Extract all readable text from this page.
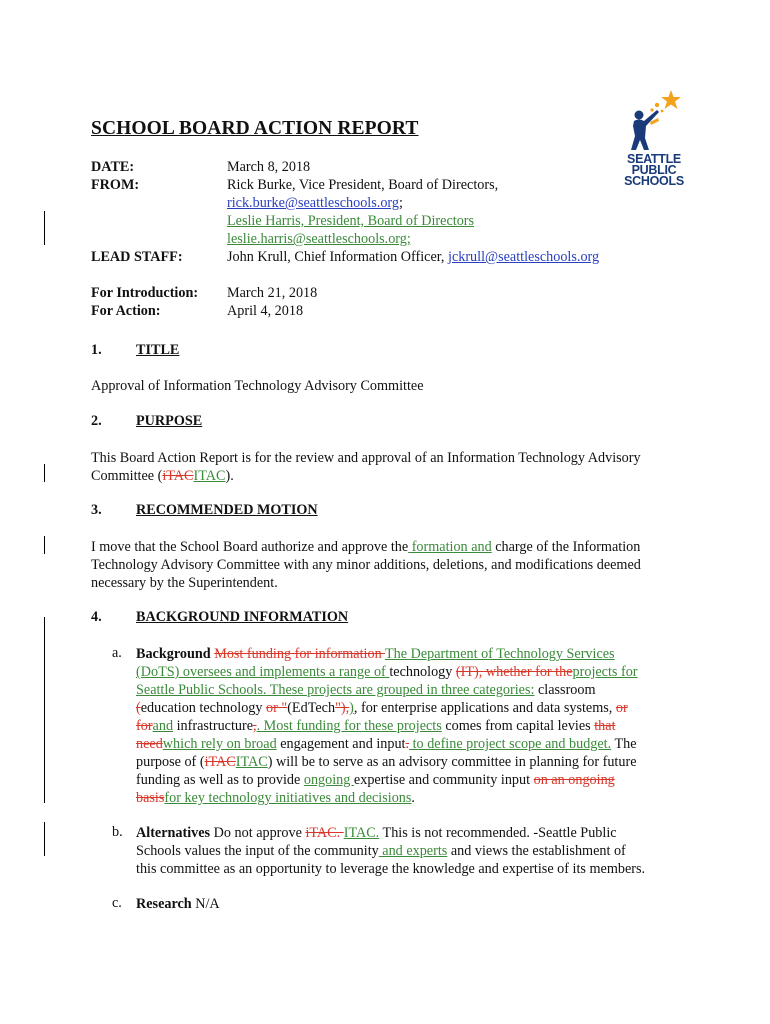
SEATTLE
PUBLIC
SCHOOLS
SCHOOL BOARD ACTION REPORT
DATE:	March 8, 2018
FROM:	Rick Burke, Vice President, Board of Directors,
rick.burke@seattleschools.org;
Leslie Harris, President, Board of Directors
leslie.harris@seattleschools.org;
LEAD STAFF:	John Krull, Chief Information Officer, jckrull@seattleschools.org
For Introduction: March 21, 2018
For Action:	April 4, 2018
1. TITLE
Approval of Information Technology Advisory Committee
2. PURPOSE
This Board Action Report is for the review and approval of an Information Technology Advisory
Committee (iTACITAC).
3. RECOMMENDED MOTION
I move that the School Board authorize and approve the formation and charge of the Information
Technology Advisory Committee with any minor additions, deletions, and modifications deemed
necessary by the Superintendent.
4. BACKGROUND INFORMATION
a. Background Most funding for information The Department of Technology Services
(DoTS) oversees and implements a range of technology (IT), whether for theprojects for
Seattle Public Schools. These projects are grouped in three categories: classroom
(education technology or "(EdTech"),), for enterprise applications and data systems, or
forand infrastructure,. Most funding for these projects comes from capital levies that
needwhich rely on broad engagement and input. to define project scope and budget. The
purpose of (iTACITAC) will be to serve as an advisory committee in planning for future
funding as well as to provide ongoing expertise and community input on an ongoing
basisfor key technology initiatives and decisions.
b. Alternatives Do not approve iTAC. ITAC. This is not recommended. -Seattle Public
Schools values the input of the community and experts and views the establishment of
this committee as an opportunity to leverage the knowledge and expertise of its members.
c. Research N/A
